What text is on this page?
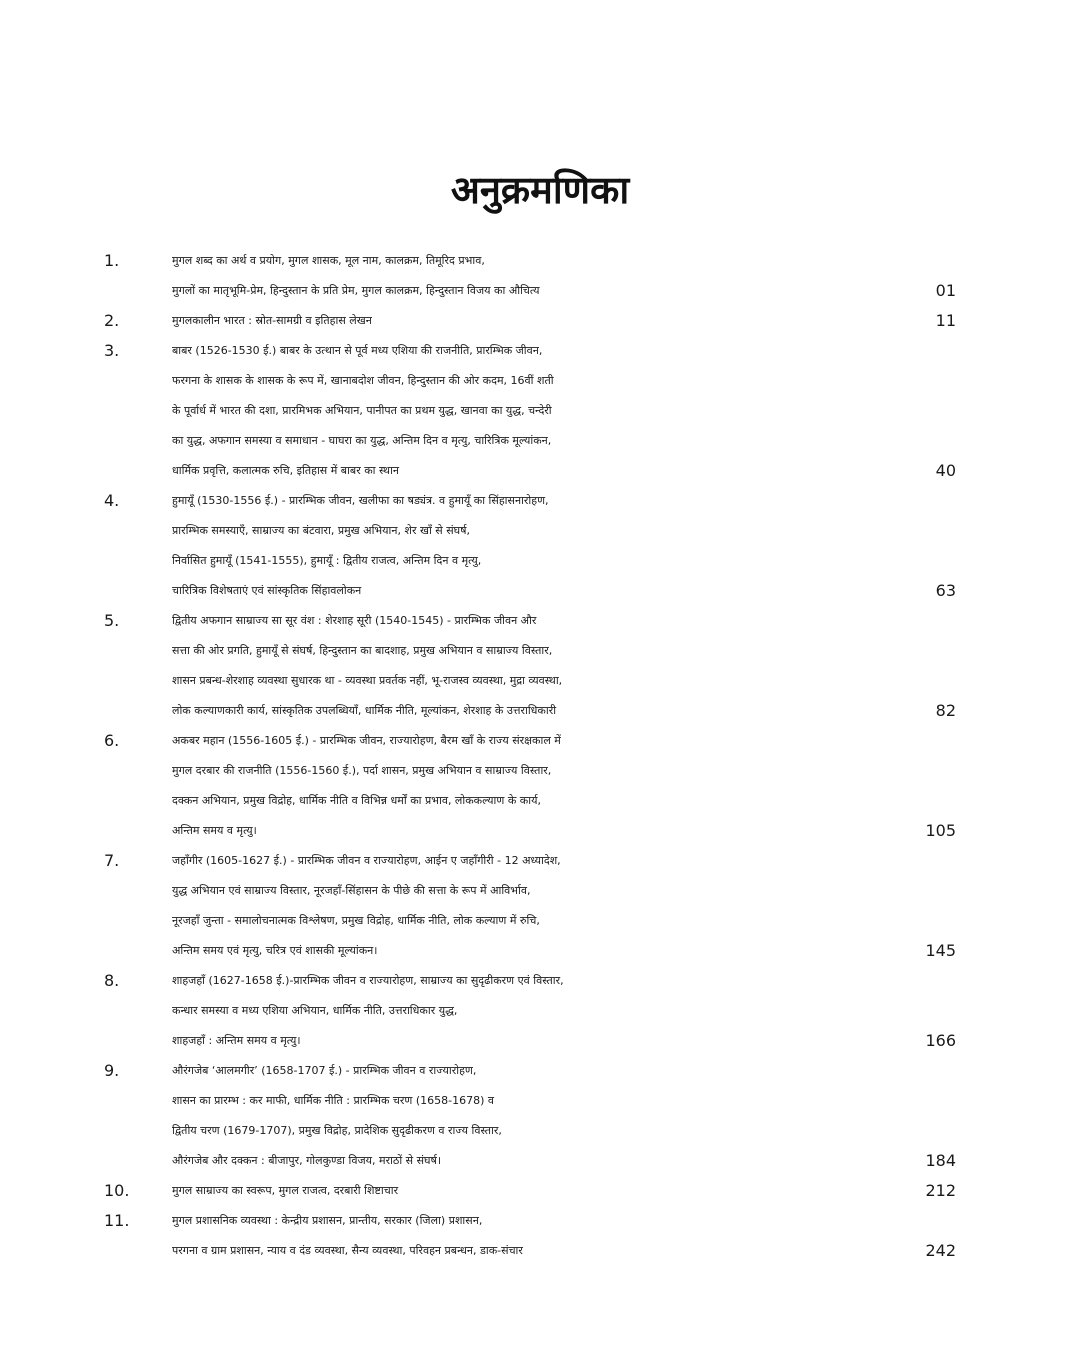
अनुक्रमणिका
1.	मुगल शब्द का अर्थ व प्रयोग, मुगल शासक, मूल नाम, कालक्रम, तिमूरिद प्रभाव,
मुगलों का मातृभूमि-प्रेम, हिन्दुस्तान के प्रति प्रेम, मुगल कालक्रम, हिन्दुस्तान विजय का औचित्य	01
2.	मुगलकालीन भारत : स्रोत-सामग्री व इतिहास लेखन	11
3.	बाबर (1526-1530 ई.) बाबर के उत्थान से पूर्व मध्य एशिया की राजनीति, प्रारम्भिक जीवन,
फरगना के शासक के शासक के रूप में, खानाबदोश जीवन, हिन्दुस्तान की ओर कदम, 16वीं शती
के पूर्वार्ध में भारत की दशा, प्रारमिभक अभियान, पानीपत का प्रथम युद्ध, खानवा का युद्ध, चन्देरी
का युद्ध, अफगान समस्या व समाधान - घाघरा का युद्ध, अन्तिम दिन व मृत्यु, चारित्रिक मूल्यांकन,
धार्मिक प्रवृत्ति, कलात्मक रुचि, इतिहास में बाबर का स्थान	40
4.	हुमायूँ (1530-1556 ई.) - प्रारम्भिक जीवन, खलीफा का षड्यंत्र. व हुमायूँ का सिंहासनारोहण,
प्रारम्भिक समस्याएँ, साम्राज्य का बंटवारा, प्रमुख अभियान, शेर खाँ से संघर्ष,
निर्वासित हुमायूँ (1541-1555), हुमायूँ : द्वितीय राजत्व, अन्तिम दिन व मृत्यु,
चारित्रिक विशेषताएं एवं सांस्कृतिक सिंहावलोकन	63
5.	द्वितीय अफगान साम्राज्य सा सूर वंश : शेरशाह सूरी (1540-1545) - प्रारम्भिक जीवन और
सत्ता की ओर प्रगति, हुमायूँ से संघर्ष, हिन्दुस्तान का बादशाह, प्रमुख अभियान व साम्राज्य विस्तार,
शासन प्रबन्ध-शेरशाह व्यवस्था सुधारक था - व्यवस्था प्रवर्तक नहीं, भू-राजस्व व्यवस्था, मुद्रा व्यवस्था,
लोक कल्याणकारी कार्य, सांस्कृतिक उपलब्धियाँ, धार्मिक नीति, मूल्यांकन, शेरशाह के उत्तराधिकारी	82
6.	अकबर महान (1556-1605 ई.) - प्रारम्भिक जीवन, राज्यारोहण, बैरम खाँ के राज्य संरक्षकाल में
मुगल दरबार की राजनीति (1556-1560 ई.), पर्दा शासन, प्रमुख अभियान व साम्राज्य विस्तार,
दक्कन अभियान, प्रमुख विद्रोह, धार्मिक नीति व विभिन्न धर्मों का प्रभाव, लोककल्याण के कार्य,
अन्तिम समय व मृत्यु।	105
7.	जहाँगीर (1605-1627 ई.) - प्रारम्भिक जीवन व राज्यारोहण, आईन ए जहाँगीरी - 12 अध्यादेश,
युद्ध अभियान एवं साम्राज्य विस्तार, नूरजहाँ-सिंहासन के पीछे की सत्ता के रूप में आविर्भाव,
नूरजहाँ जुन्ता - समालोचनात्मक विश्लेषण, प्रमुख विद्रोह, धार्मिक नीति, लोक कल्याण में रुचि,
अन्तिम समय एवं मृत्यु, चरित्र एवं शासकी मूल्यांकन।	145
8.	शाहजहाँ (1627-1658 ई.)-प्रारम्भिक जीवन व राज्यारोहण, साम्राज्य का सुदृढीकरण एवं विस्तार,
कन्धार समस्या व मध्य एशिया अभियान, धार्मिक नीति, उत्तराधिकार युद्ध,
शाहजहाँ : अन्तिम समय व मृत्यु।	166
9.	औरंगजेब ‘आलमगीर’ (1658-1707 ई.) - प्रारम्भिक जीवन व राज्यारोहण,
शासन का प्रारम्भ : कर माफी, धार्मिक नीति : प्रारम्भिक चरण (1658-1678) व
द्वितीय चरण (1679-1707), प्रमुख विद्रोह, प्रादेशिक सुदृढीकरण व राज्य विस्तार,
औरंगजेब और दक्कन : बीजापुर, गोलकुण्डा विजय, मराठों से संघर्ष।	184
10.	मुगल साम्राज्य का स्वरूप, मुगल राजत्व, दरबारी शिष्टाचार	212
11.	मुगल प्रशासनिक व्यवस्था : केन्द्रीय प्रशासन, प्रान्तीय, सरकार (जिला) प्रशासन,
परगना व ग्राम प्रशासन, न्याय व दंड व्यवस्था, सैन्य व्यवस्था, परिवहन प्रबन्धन, डाक-संचार	242
